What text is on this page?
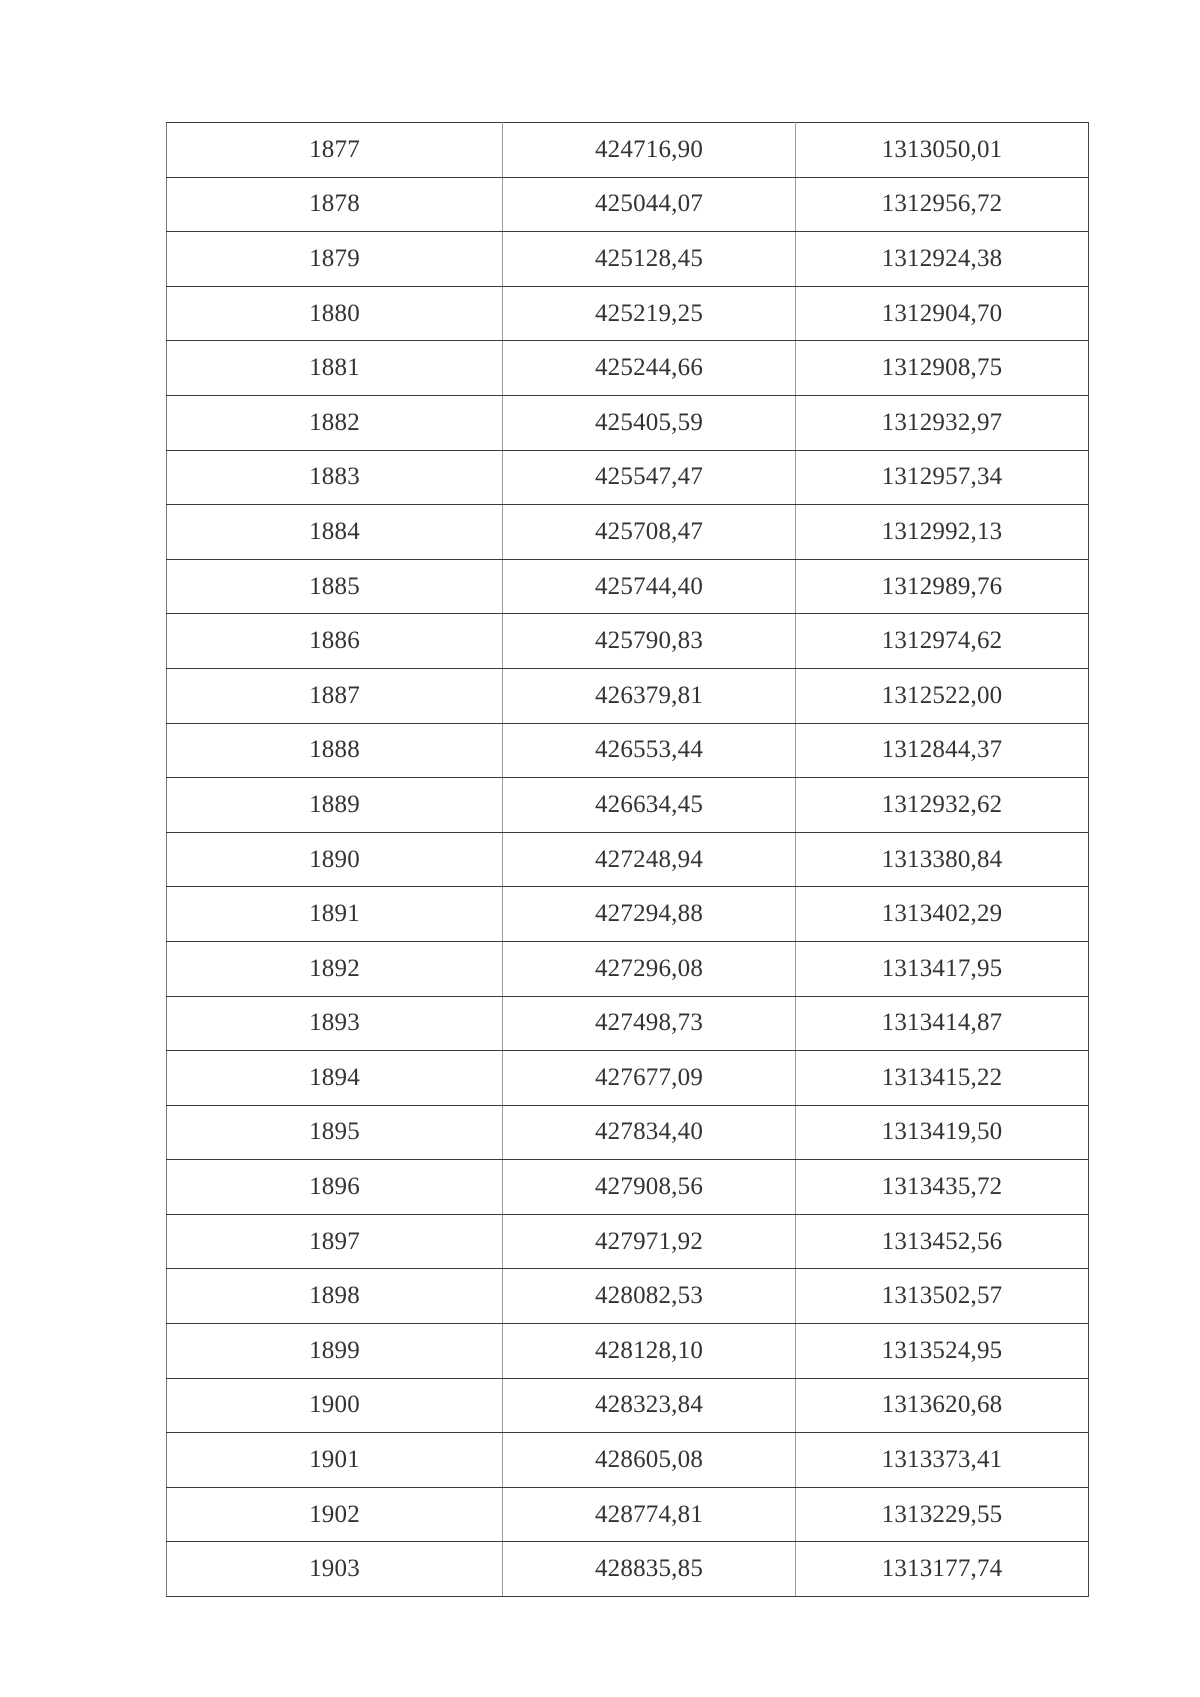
1877	424716,90	1313050,01
1878	425044,07	1312956,72
1879	425128,45	1312924,38
1880	425219,25	1312904,70
1881	425244,66	1312908,75
1882	425405,59	1312932,97
1883	425547,47	1312957,34
1884	425708,47	1312992,13
1885	425744,40	1312989,76
1886	425790,83	1312974,62
1887	426379,81	1312522,00
1888	426553,44	1312844,37
1889	426634,45	1312932,62
1890	427248,94	1313380,84
1891	427294,88	1313402,29
1892	427296,08	1313417,95
1893	427498,73	1313414,87
1894	427677,09	1313415,22
1895	427834,40	1313419,50
1896	427908,56	1313435,72
1897	427971,92	1313452,56
1898	428082,53	1313502,57
1899	428128,10	1313524,95
1900	428323,84	1313620,68
1901	428605,08	1313373,41
1902	428774,81	1313229,55
1903	428835,85	1313177,74
